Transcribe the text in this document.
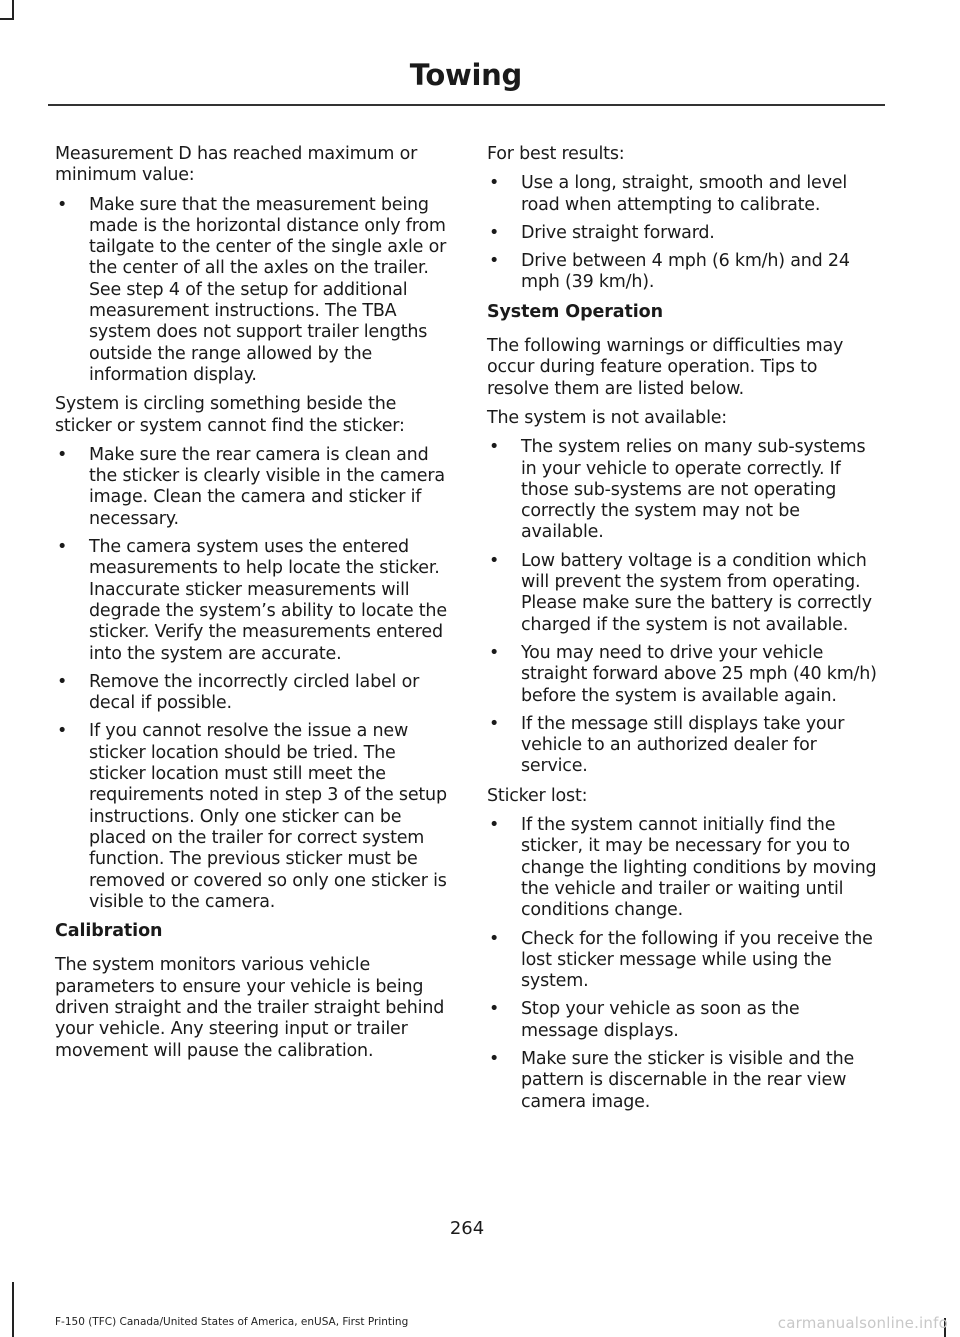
Towing

Measurement D has reached maximum or minimum value:

• Make sure that the measurement being made is the horizontal distance only from tailgate to the center of the single axle or the center of all the axles on the trailer. See step 4 of the setup for additional measurement instructions. The TBA system does not support trailer lengths outside the range allowed by the information display.

System is circling something beside the sticker or system cannot find the sticker:

• Make sure the rear camera is clean and the sticker is clearly visible in the camera image. Clean the camera and sticker if necessary.
• The camera system uses the entered measurements to help locate the sticker. Inaccurate sticker measurements will degrade the system’s ability to locate the sticker. Verify the measurements entered into the system are accurate.
• Remove the incorrectly circled label or decal if possible.
• If you cannot resolve the issue a new sticker location should be tried. The sticker location must still meet the requirements noted in step 3 of the setup instructions. Only one sticker can be placed on the trailer for correct system function. The previous sticker must be removed or covered so only one sticker is visible to the camera.
Calibration

The system monitors various vehicle parameters to ensure your vehicle is being driven straight and the trailer straight behind your vehicle. Any steering input or trailer movement will pause the calibration.

For best results:

• Use a long, straight, smooth and level road when attempting to calibrate.
• Drive straight forward.
• Drive between 4 mph (6 km/h) and 24 mph (39 km/h).
System Operation

The following warnings or difficulties may occur during feature operation. Tips to resolve them are listed below.

The system is not available:

• The system relies on many sub-systems in your vehicle to operate correctly. If those sub-systems are not operating correctly the system may not be available.
• Low battery voltage is a condition which will prevent the system from operating. Please make sure the battery is correctly charged if the system is not available.
• You may need to drive your vehicle straight forward above 25 mph (40 km/h) before the system is available again.
• If the message still displays take your vehicle to an authorized dealer for service.

Sticker lost:

• If the system cannot initially find the sticker, it may be necessary for you to change the lighting conditions by moving the vehicle and trailer or waiting until conditions change.
• Check for the following if you receive the lost sticker message while using the system.
• Stop your vehicle as soon as the message displays.
• Make sure the sticker is visible and the pattern is discernable in the rear view camera image.

264

F-150 (TFC) Canada/United States of America, enUSA, First Printing	carmanualsonline.info
